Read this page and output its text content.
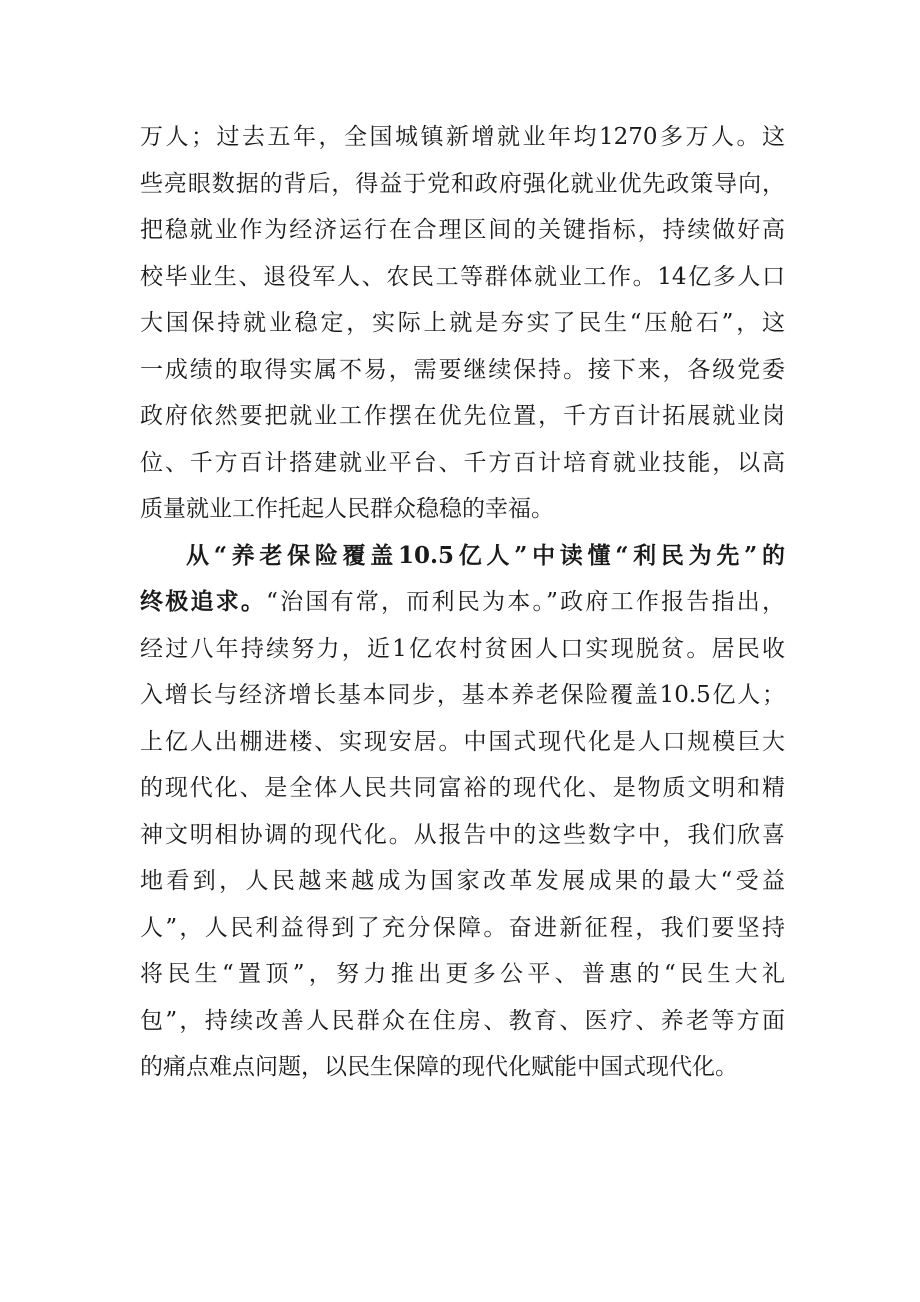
万人；过去五年，全国城镇新增就业年均1270多万人。这
些亮眼数据的背后，得益于党和政府强化就业优先政策导向，
把稳就业作为经济运行在合理区间的关键指标，持续做好高
校毕业生、退役军人、农民工等群体就业工作。14亿多人口
大国保持就业稳定，实际上就是夯实了民生“压舱石”，这
一成绩的取得实属不易，需要继续保持。接下来，各级党委
政府依然要把就业工作摆在优先位置，千方百计拓展就业岗
位、千方百计搭建就业平台、千方百计培育就业技能，以高
质量就业工作托起人民群众稳稳的幸福。
从“养老保险覆盖10.5亿人”中读懂“利民为先”的
终极追求。“治国有常，而利民为本。”政府工作报告指出，
经过八年持续努力，近1亿农村贫困人口实现脱贫。居民收
入增长与经济增长基本同步，基本养老保险覆盖10.5亿人；
上亿人出棚进楼、实现安居。中国式现代化是人口规模巨大
的现代化、是全体人民共同富裕的现代化、是物质文明和精
神文明相协调的现代化。从报告中的这些数字中，我们欣喜
地看到，人民越来越成为国家改革发展成果的最大“受益
人”，人民利益得到了充分保障。奋进新征程，我们要坚持
将民生“置顶”，努力推出更多公平、普惠的“民生大礼
包”，持续改善人民群众在住房、教育、医疗、养老等方面
的痛点难点问题，以民生保障的现代化赋能中国式现代化。
